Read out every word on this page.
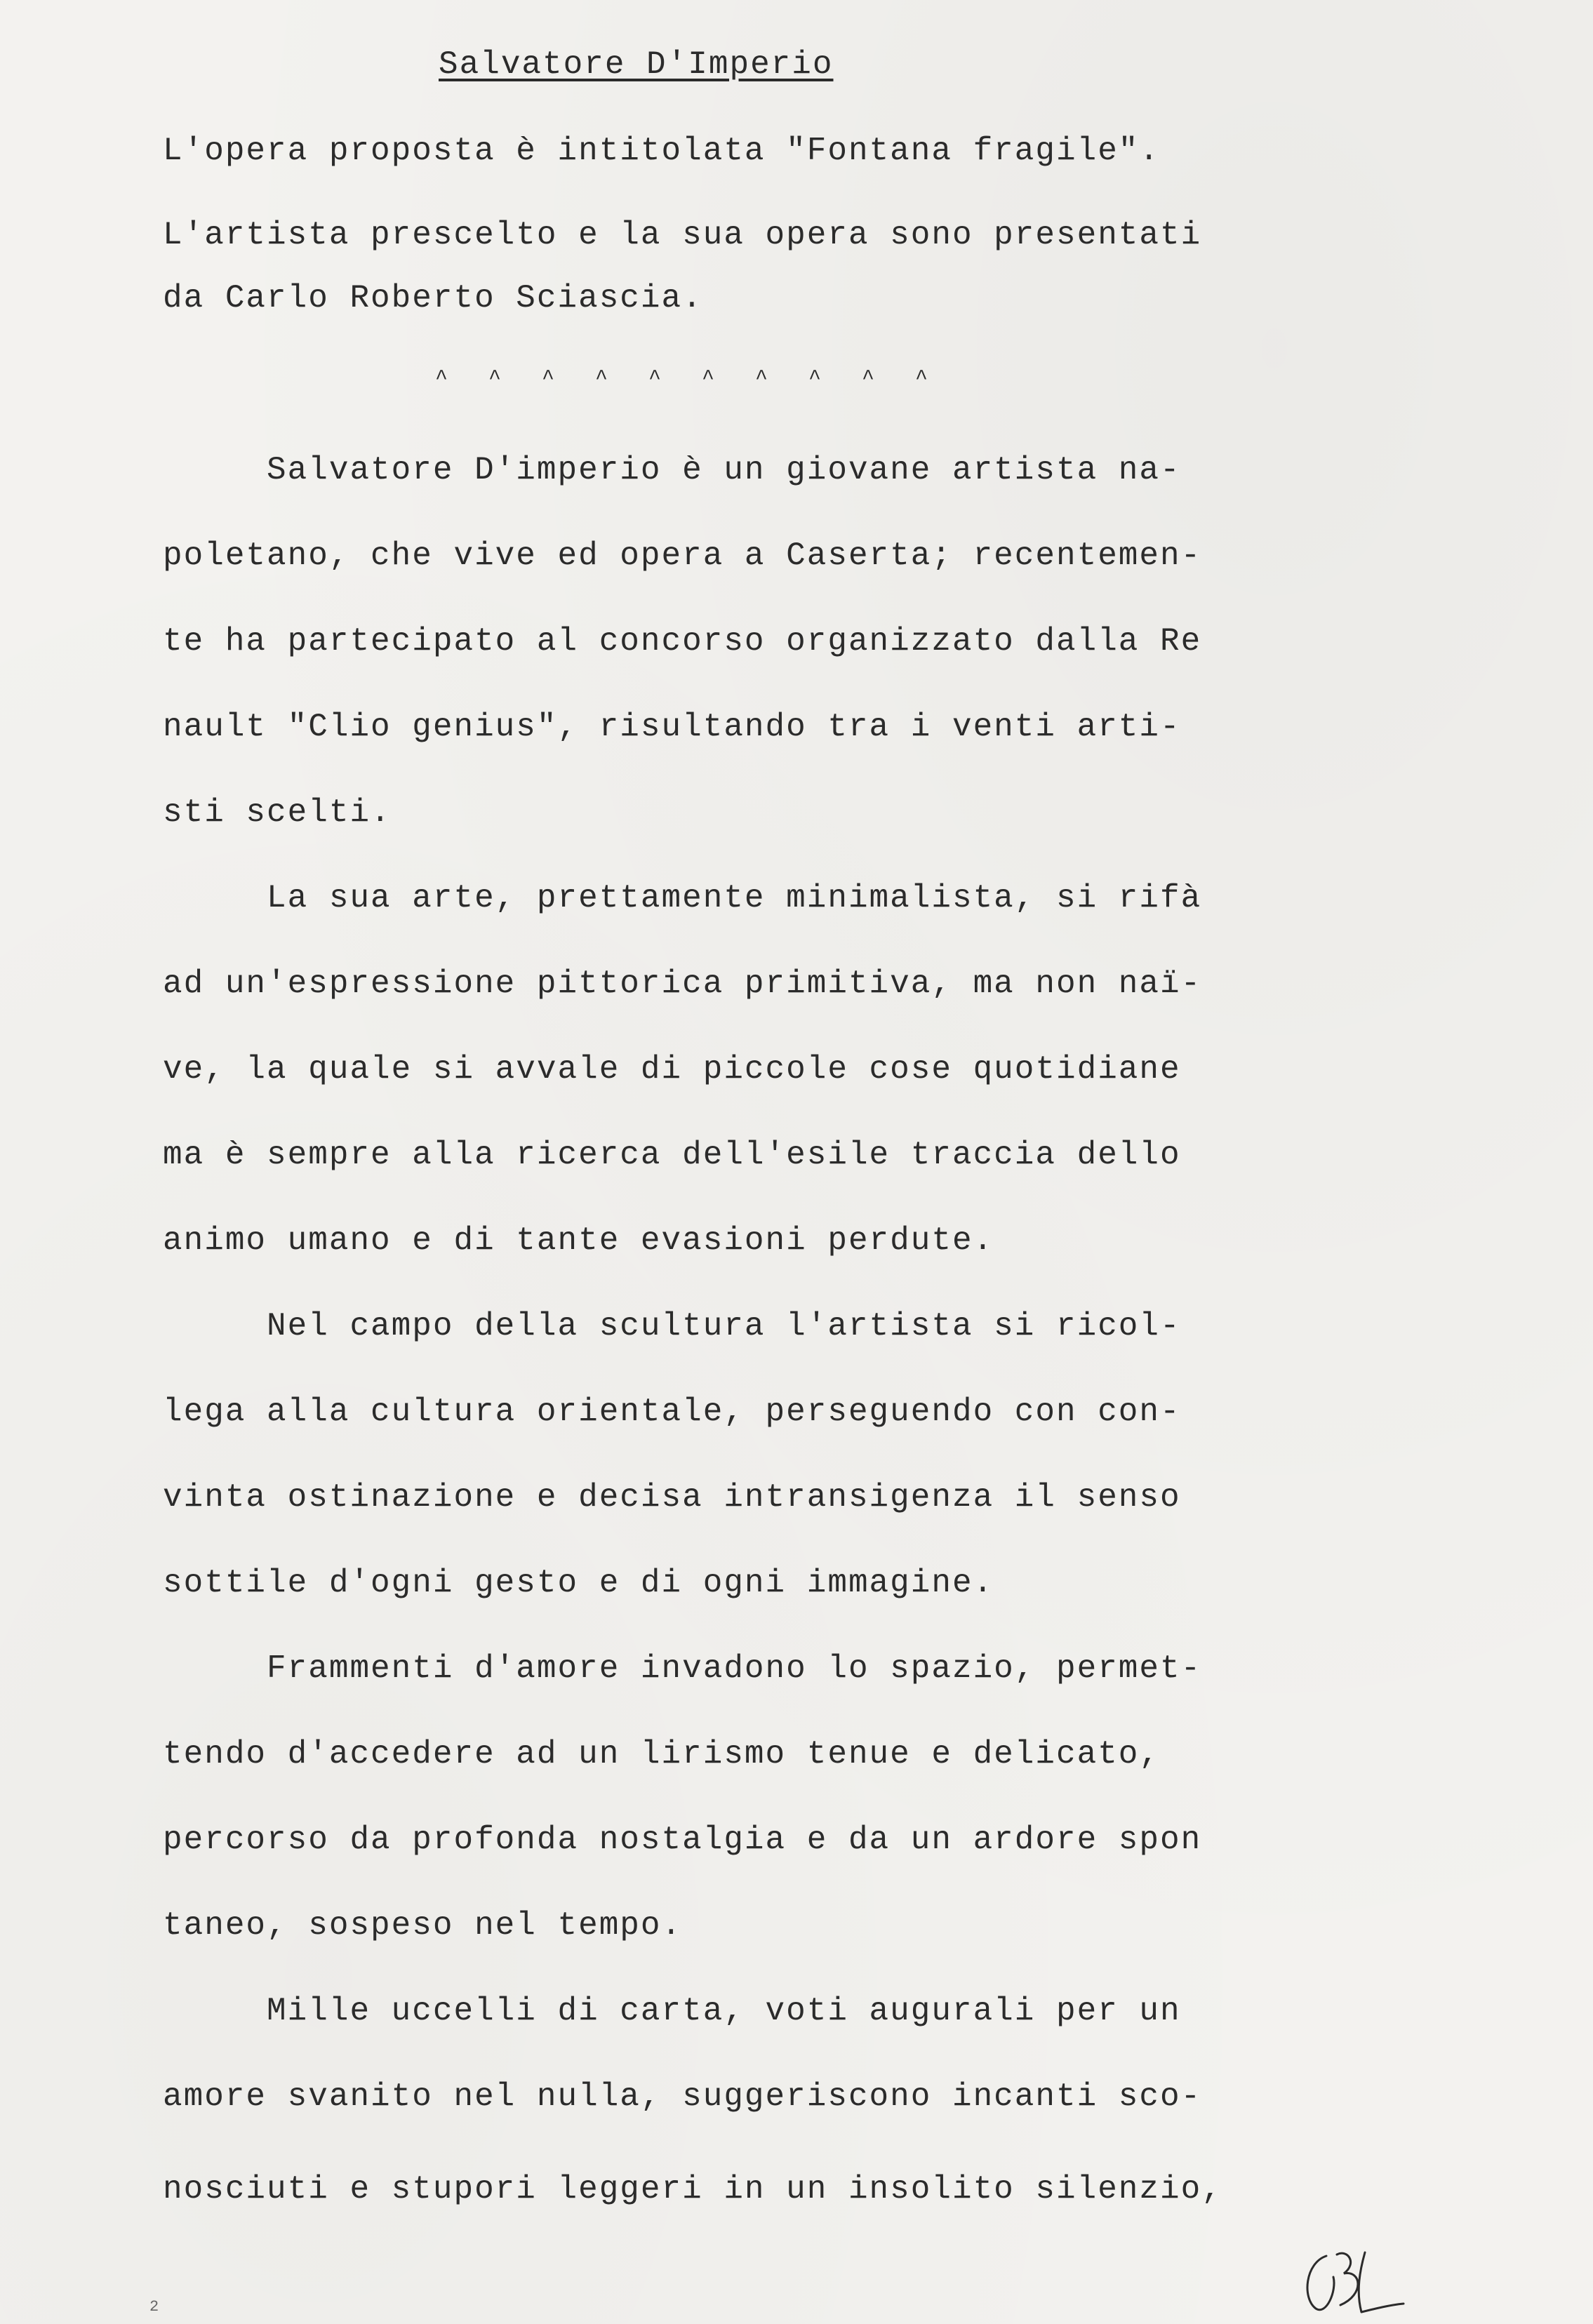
Salvatore D'Imperio
L'opera proposta è intitolata "Fontana fragile".
L'artista prescelto e la sua opera sono presentati
da Carlo Roberto Sciascia.
^ ^ ^ ^ ^ ^ ^ ^ ^ ^
Salvatore D'imperio è un giovane artista na-
poletano, che vive ed opera a Caserta; recentemen-
te ha partecipato al concorso organizzato dalla Re
nault "Clio genius", risultando tra i venti arti-
sti scelti.
La sua arte, prettamente minimalista, si rifà
ad un'espressione pittorica primitiva, ma non naï-
ve, la quale si avvale di piccole cose quotidiane
ma è sempre alla ricerca dell'esile traccia dello
animo umano e di tante evasioni perdute.
Nel campo della scultura l'artista si ricol-
lega alla cultura orientale, perseguendo con con-
vinta ostinazione e decisa intransigenza il senso
sottile d'ogni gesto e di ogni immagine.
Frammenti d'amore invadono lo spazio, permet-
tendo d'accedere ad un lirismo tenue e delicato,
percorso da profonda nostalgia e da un ardore spon
taneo, sospeso nel tempo.
Mille uccelli di carta, voti augurali per un
amore svanito nel nulla, suggeriscono incanti sco-
nosciuti e stupori leggeri in un insolito silenzio,
2
